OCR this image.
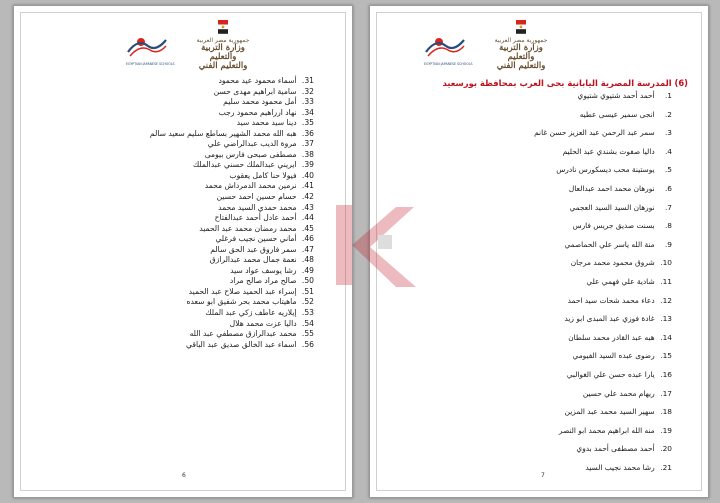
EGYPTIAN JAPANESE SCHOOLS
جمهورية مصر العربية
وزارة التربية والتعليم
والتعليم الفني
31. أسماء محمود عيد محمود
32. سامية ابراهيم مهدى حسن
33. أمل محمود محمد سليم
34. نهاد ارراهيم محمود رجب
35. دينا سيد محمد سيد
36. هبه الله محمد الشهير بساطع سليم سعيد سالم
37. مروة الديب عبدالراضي علي
38. مصطفى صبحى فارس بيومى
39. ايريني عبدالملك حسني عبدالملك
40. فيولا حنا كامل يعقوب
41. نرمين محمد الدمرداش محمد
42. حسام حسين احمد حسين
43. محمد حمدي السيد محمد
44. أحمد عادل أحمد عبدالفتاح
45. محمد رمضان محمد عبد الحميد
46. أماني حسين نجيب فرغلي
47. سمر فاروق عبد الحق سالم
48. نعمة جمال محمد عبدالرازق
49. رشا يوسف عواد سيد
50. صالح مراد صالح مراد
51. إسراء عبد الحميد صلاح عبد الحميد
52. ماهيتاب محمد بحر شفيق ابو سعده
53. إيلاريه عاطف زكي عبد الملك
54. داليا عزت محمد هلال
55. محمد عبدالرازق مصطفي عبد الله
56. اسماء عبد الخالق صديق عبد الباقي
6
EGYPTIAN JAPANESE SCHOOLS
جمهورية مصر العربية
وزارة التربية والتعليم
والتعليم الفني
(6) المدرسة المصرية اليابانية بحى العرب بمحافظة بورسعيد
1. أحمد أحمد شتيوي شتيوي
2. انجى سمير عيسى عطيه
3. سمر عبد الرحمن عبد العزيز حسن غانم
4. داليا صفوت بشندي عبد الحليم
5. يوستينة محب ديسكورس نادرس
6. نورهان محمد احمد عبدالعال
7. نورهان السيد السيد العجمي
8. بسنت صديق جريس فارس
9. منة الله ياسر علي الحماصمي
10. شروق محمود محمد مرجان
11. شادية علي فهمي علي
12. دعاء محمد شحات سيد احمد
13. غادة فوزي عبد المبدى ابو زيد
14. هبه عبد القادر محمد سلطان
15. رضوى عبده السيد الفيومي
16. يارا عبده حسن علي الغوالبي
17. ريهام محمد علي حسين
18. سهير السيد محمد عبد المزين
19. منه الله ابراهيم محمد ابو النصر
20. أحمد مصطفى أحمد بدوي
21. رشا محمد نجيب السيد
7
